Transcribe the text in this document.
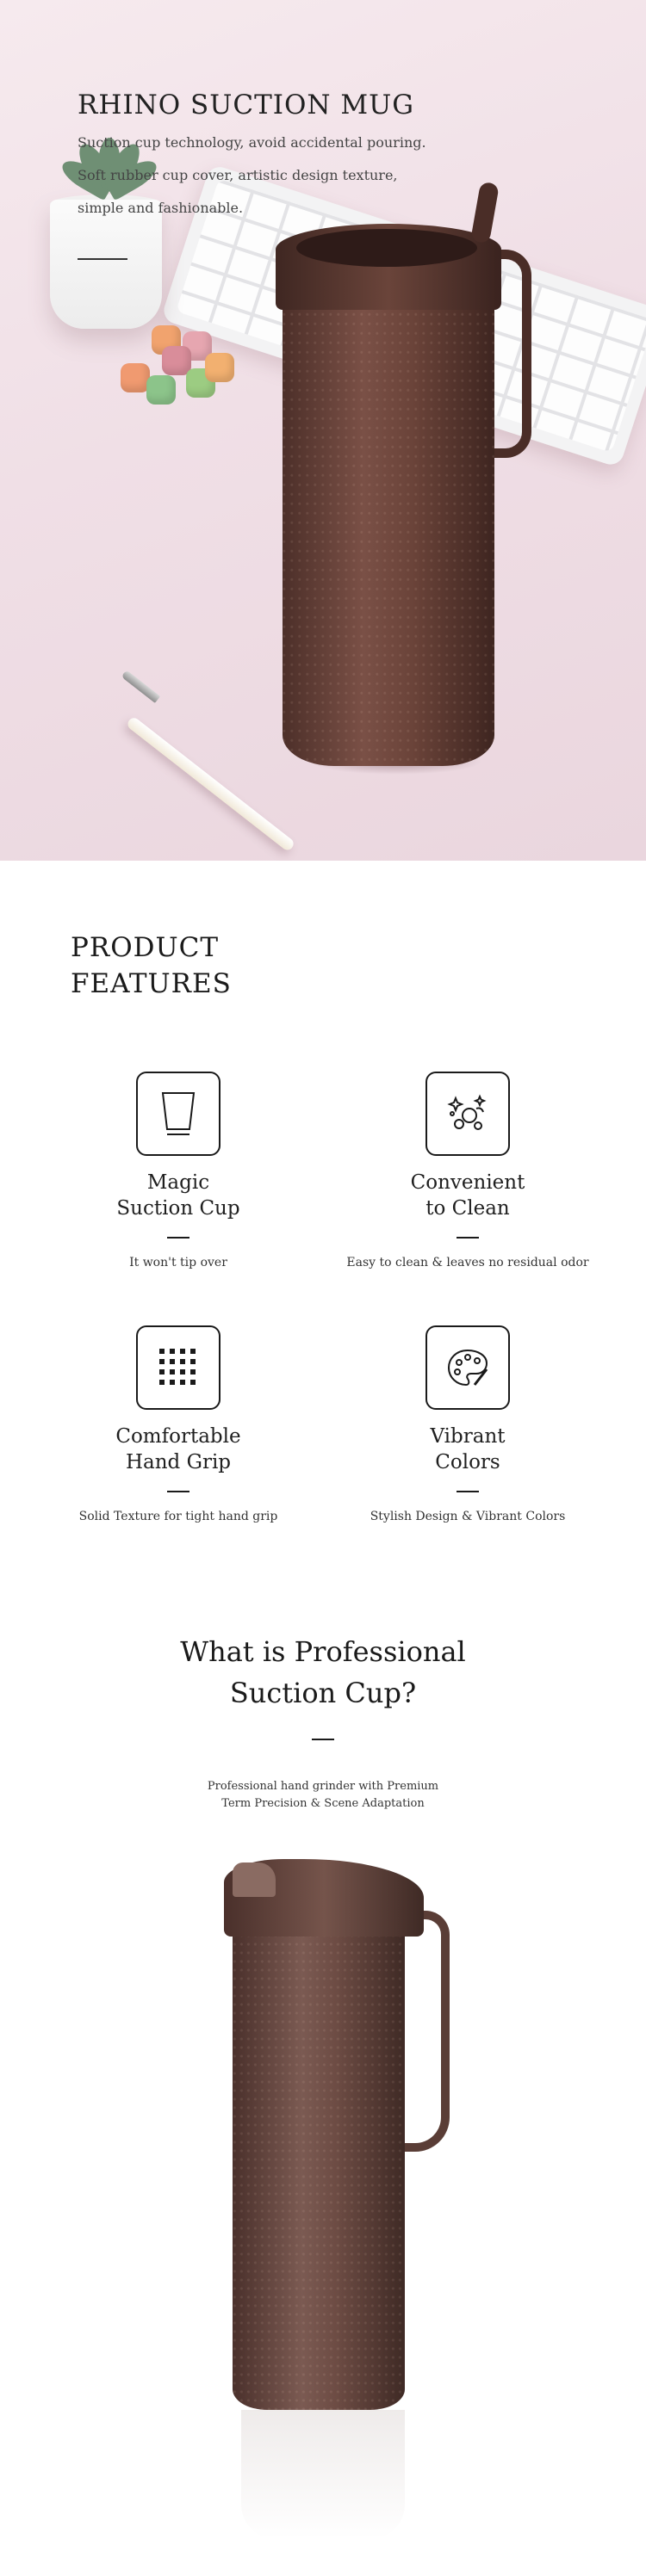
RHINO SUCTION MUG

Suction cup technology, avoid accidental pouring.

Soft rubber cup cover, artistic design texture,

simple and fashionable.

PRODUCT
FEATURES
Magic
Suction Cup
It won't tip over
Convenient
to Clean
Easy to clean & leaves no residual odor
Comfortable
Hand Grip
Solid Texture for tight hand grip
Vibrant
Colors
Stylish Design & Vibrant Colors
What is Professional
Suction Cup?
Professional hand grinder with Premium
Term Precision & Scene Adaptation
